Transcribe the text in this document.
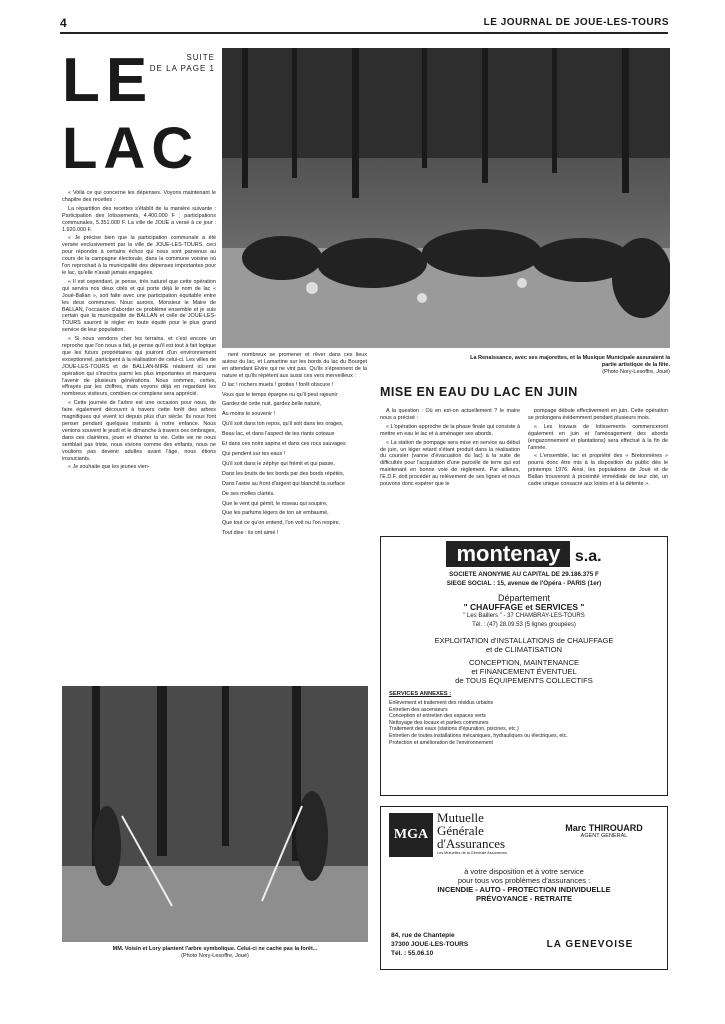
4	LE JOURNAL DE JOUE-LES-TOURS
LE
LAC
SUITE
DE LA PAGE 1
La Renaissance, avec ses majorettes, et la Musique Municipale assuraient la partie artistique de la fête.
(Photo Nory-Lesoffre, Joué)

« Voilà ce qui concerne les dépenses. Voyons maintenant le chapitre des recettes :

La répartition des recettes s'établit de la manière suivante : Participation des lotissements, 4.400.000 F ; participations communales, 5.351.000 F. La ville de JOUE a versé à ce jour : 1.920.000 F.

« Je précise bien que la participation communale a été versée exclusivement par la ville de JOUE-LES-TOURS, ceci pour répondre à certains échos qui nous sont parvenus au cours de la campagne électorale, dans la commune voisine où l'on reprochait à la municipalité des dépenses importantes pour le lac, qu'elle n'avait jamais engagées.

« Il est cependant, je pense, très naturel que cette opération qui servira nos deux cités et qui porte déjà le nom de lac « Joué-Ballan », soit faite avec une participation équitable entre les deux communes. Nous aurons, Monsieur le Maire de BALLAN, l'occasion d'aborder ce problème ensemble et je suis certain que la municipalité de BALLAN et celle de JOUE-LES-TOURS sauront le régler en toute équité pour le plus grand service de leur population.

« Si nous vendons cher les terrains, et c'est encore un reproche que l'on nous a fait, je pense qu'il est tout à fait logique que les futurs propriétaires qui jouiront d'un environnement exceptionnel, participent à la réalisation de celui-ci. Les villes de JOUE-LES-TOURS et de BALLAN-MIRE réalisent ici une opération qui s'inscrira parmi les plus importantes et marquera l'avenir de plusieurs générations. Nous sommes, certes, effrayés par les chiffres, mais voyons déjà en regardant les nombreux visiteurs, combien ce complexe sera apprécié.

« Cette journée de l'arbre est une occasion pour nous, de faire également découvrir à travers cette forêt des arbres magnifiques qui vivent ici depuis plus d'un siècle. Ils nous font penser pendant quelques instants à notre enfance. Nous venions souvent le jeudi et le dimanche à travers ces ombrages, dans ces clairières, jouer et chanter la vie. Cette vie ne nous semblait pas triste, nous vivions comme des enfants, nous ne voulions pas devenir adultes avant l'âge, nous étions insouciants.

« Je souhaite que les jeunes vien-

nent nombreux se promener et rêver dans ces lieux autour du lac, et Lamartine sur les bords du lac du Bourget en attendant Elvire qui ne vint pas. Qu'ils s'éprennent de la nature et qu'ils répètent aux aussi ces vers merveilleux :

O lac ! rochers muets ! grottes ! forêt obscure !

Vous que le temps épargne ou qu'il peut rajeunir

Gardez de cette nuit, gardez belle nature,

Au moins le souvenir !

Qu'il soit dans ton repos, qu'il soit dans tes orages,

Beau lac, et dans l'aspect de tes riants coteaux

Et dans ces noirs sapins et dans ces rocs sauvages

Qui pendent sur tes eaux !

Qu'il soit dans le zéphyr qui frémit et qui passe,

Dans les bruits de tes bords par des bords répétés,

Dans l'astre au front d'argent qui blanchit ta surface

De ses molles clartés.

Que le vent qui gémit, le roseau qui soupire,

Que les parfums légers de ton air embaumé,

Que tout ce qu'on entend, l'on voit ou l'on respire,

Tout dise : ils ont aimé !

MISE EN EAU DU LAC EN JUIN

A la question : Où en est-on actuellement ? le maire nous a précisé :

« L'opération approche de la phase finale qui consiste à mettre en eau le lac et à aménager ses abords.

« La station de pompage sera mise en service au début de juin, un léger retard s'étant produit dans la réalisation du coursier (vanne d'évacuation du lac) à la suite de difficultés pour l'acquisition d'une parcelle de terre qui est maintenant en bonne voie de règlement. Par ailleurs, l'E.D.F. doit procéder au relèvement de ses lignes et nous pouvons donc espérer que le

pompage débute effectivement en juin. Cette opération se prolongera évidemment pendant plusieurs mois.

« Les travaux de lotissements commenceront également en juin et l'aménagement des abords (engazonnement et plantations) sera effectué à la fin de l'année.

« L'ensemble, lac et propriété des « Bretonnières » pourra donc être mis à la disposition du public dès le printemps 1976. Ainsi, les populations de Joué et de Ballan trouveront à proximité immédiate de leur cité, un cadre unique consacré aux loisirs et à la détente ».

montenay s.a.
SOCIETE ANONYME AU CAPITAL DE 29.186.375 F
SIEGE SOCIAL : 15, avenue de l'Opéra - PARIS (1er)
Département
" CHAUFFAGE et SERVICES "
" Les Baillers " - 37 CHAMBRAY-LES-TOURS
Tél. : (47) 28.09.53 (5 lignes groupées)
EXPLOITATION d'INSTALLATIONS de CHAUFFAGE
et de CLIMATISATION
CONCEPTION, MAINTENANCE
et FINANCEMENT ÉVENTUEL
de TOUS ÉQUIPEMENTS COLLECTIFS
SERVICES ANNEXES :
Enlèvement et traitement des résidus urbains
Entretien des ascenseurs
Conception et entretien des espaces verts
Nettoyage des locaux et parties communes
Traitement des eaux (stations d'épuration, piscines, etc.)
Entretien de toutes installations mécaniques, hydrauliques ou électriques, etc.
Protection et amélioration de l'environnement
MGA
Mutuelle
Générale
d'Assurances
Les Mutuelles de la Générale Assurances
Marc THIROUARD
AGENT GENERAL
à votre disposition et à votre service
pour tous vos problèmes d'assurances :
INCENDIE - AUTO - PROTECTION INDIVIDUELLE
PRÉVOYANCE - RETRAITE
84, rue de Chantepie
37300 JOUE-LES-TOURS
Tél. : 55.06.10
LA GENEVOISE
MM. Voisin et Lory plantent l'arbre symbolique. Celui-ci ne cache pas la forêt...
(Photo Nory-Lesoffre, Joué)
